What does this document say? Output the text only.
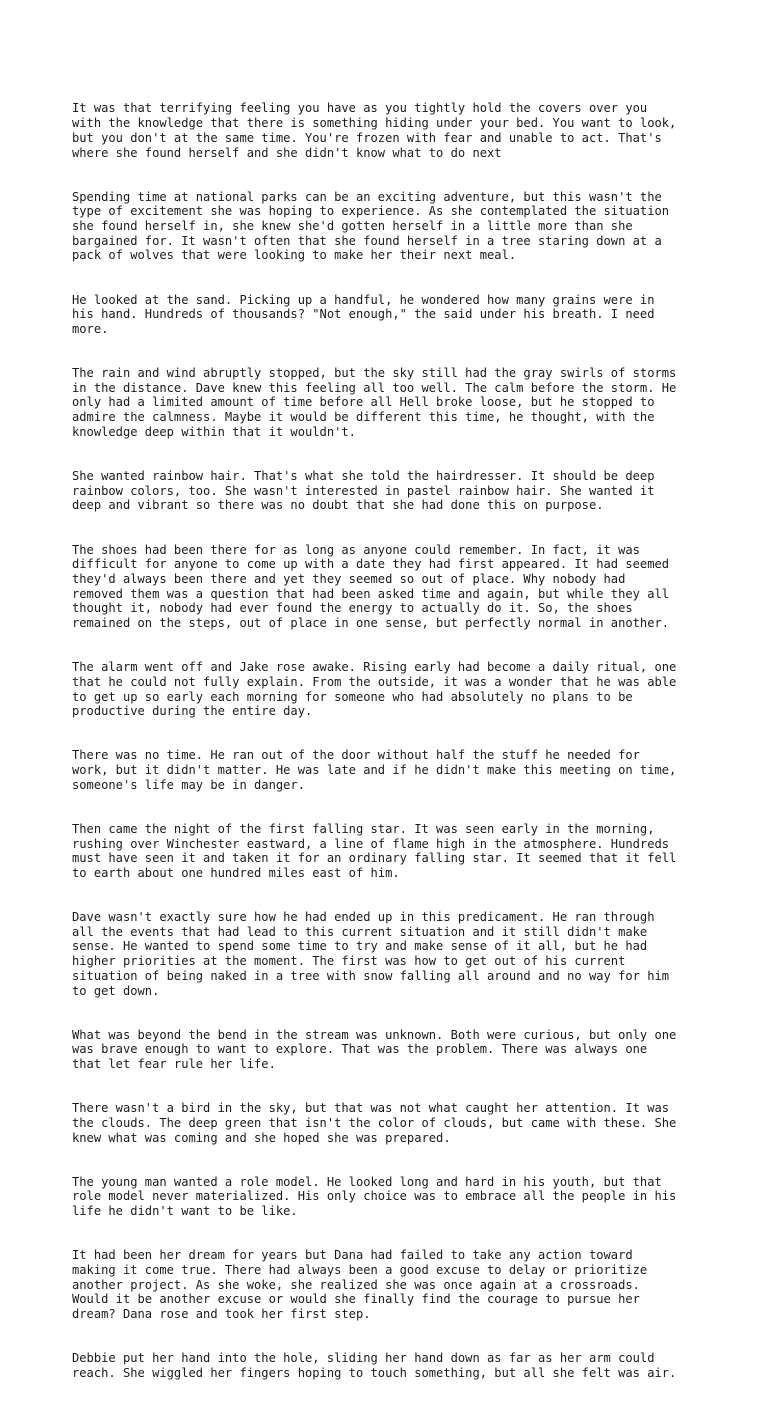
It was that terrifying feeling you have as you tightly hold the covers over you
with the knowledge that there is something hiding under your bed. You want to look,
but you don't at the same time. You're frozen with fear and unable to act. That's
where she found herself and she didn't know what to do next

Spending time at national parks can be an exciting adventure, but this wasn't the
type of excitement she was hoping to experience. As she contemplated the situation
she found herself in, she knew she'd gotten herself in a little more than she
bargained for. It wasn't often that she found herself in a tree staring down at a
pack of wolves that were looking to make her their next meal.

He looked at the sand. Picking up a handful, he wondered how many grains were in
his hand. Hundreds of thousands? "Not enough," the said under his breath. I need
more.

The rain and wind abruptly stopped, but the sky still had the gray swirls of storms
in the distance. Dave knew this feeling all too well. The calm before the storm. He
only had a limited amount of time before all Hell broke loose, but he stopped to
admire the calmness. Maybe it would be different this time, he thought, with the
knowledge deep within that it wouldn't.

She wanted rainbow hair. That's what she told the hairdresser. It should be deep
rainbow colors, too. She wasn't interested in pastel rainbow hair. She wanted it
deep and vibrant so there was no doubt that she had done this on purpose.

The shoes had been there for as long as anyone could remember. In fact, it was
difficult for anyone to come up with a date they had first appeared. It had seemed
they'd always been there and yet they seemed so out of place. Why nobody had
removed them was a question that had been asked time and again, but while they all
thought it, nobody had ever found the energy to actually do it. So, the shoes
remained on the steps, out of place in one sense, but perfectly normal in another.

The alarm went off and Jake rose awake. Rising early had become a daily ritual, one
that he could not fully explain. From the outside, it was a wonder that he was able
to get up so early each morning for someone who had absolutely no plans to be
productive during the entire day.

There was no time. He ran out of the door without half the stuff he needed for
work, but it didn't matter. He was late and if he didn't make this meeting on time,
someone's life may be in danger.

Then came the night of the first falling star. It was seen early in the morning,
rushing over Winchester eastward, a line of flame high in the atmosphere. Hundreds
must have seen it and taken it for an ordinary falling star. It seemed that it fell
to earth about one hundred miles east of him.

Dave wasn't exactly sure how he had ended up in this predicament. He ran through
all the events that had lead to this current situation and it still didn't make
sense. He wanted to spend some time to try and make sense of it all, but he had
higher priorities at the moment. The first was how to get out of his current
situation of being naked in a tree with snow falling all around and no way for him
to get down.

What was beyond the bend in the stream was unknown. Both were curious, but only one
was brave enough to want to explore. That was the problem. There was always one
that let fear rule her life.

There wasn't a bird in the sky, but that was not what caught her attention. It was
the clouds. The deep green that isn't the color of clouds, but came with these. She
knew what was coming and she hoped she was prepared.

The young man wanted a role model. He looked long and hard in his youth, but that
role model never materialized. His only choice was to embrace all the people in his
life he didn't want to be like.

It had been her dream for years but Dana had failed to take any action toward
making it come true. There had always been a good excuse to delay or prioritize
another project. As she woke, she realized she was once again at a crossroads.
Would it be another excuse or would she finally find the courage to pursue her
dream? Dana rose and took her first step.

Debbie put her hand into the hole, sliding her hand down as far as her arm could
reach. She wiggled her fingers hoping to touch something, but all she felt was air.
